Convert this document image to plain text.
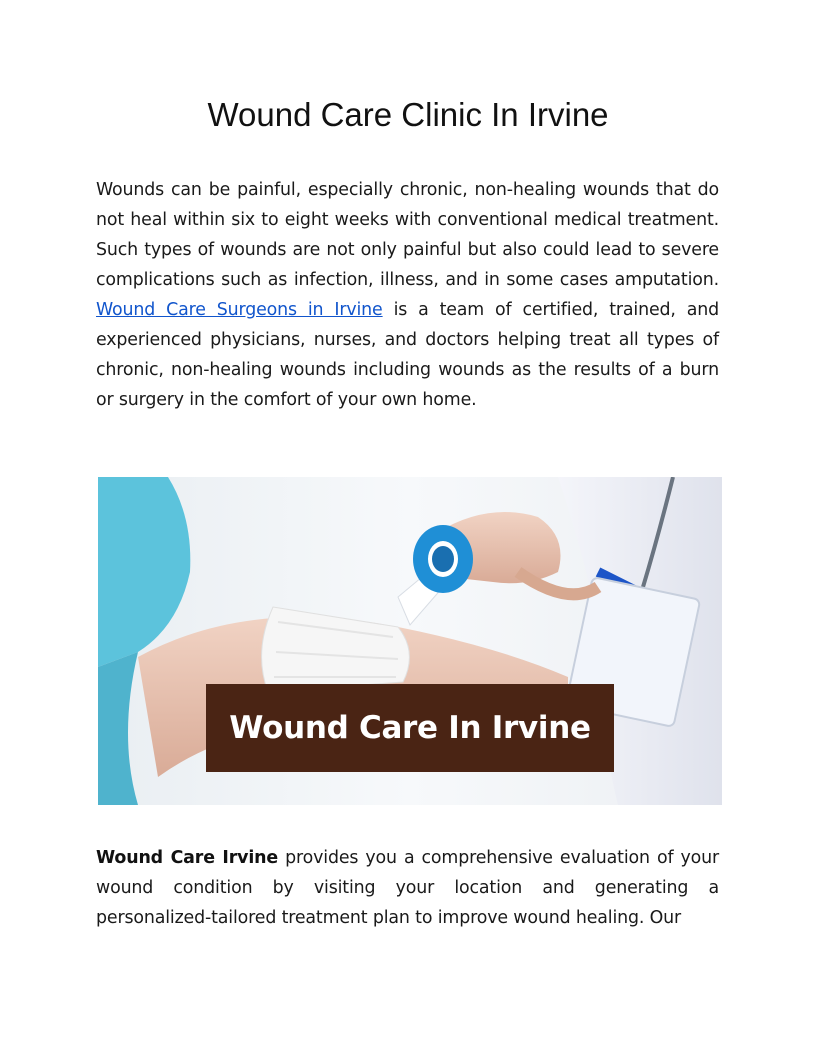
Wound Care Clinic In Irvine

Wounds can be painful, especially chronic, non-healing wounds that do not heal within six to eight weeks with conventional medical treatment. Such types of wounds are not only painful but also could lead to severe complications such as infection, illness, and in some cases amputation. Wound Care Surgeons in Irvine is a team of certified, trained, and experienced physicians, nurses, and doctors helping treat all types of chronic, non-healing wounds including wounds as the results of a burn or surgery in the comfort of your own home.

Wound Care In Irvine

Wound Care Irvine provides you a comprehensive evaluation of your wound condition by visiting your location and generating a personalized-tailored treatment plan to improve wound healing. Our
